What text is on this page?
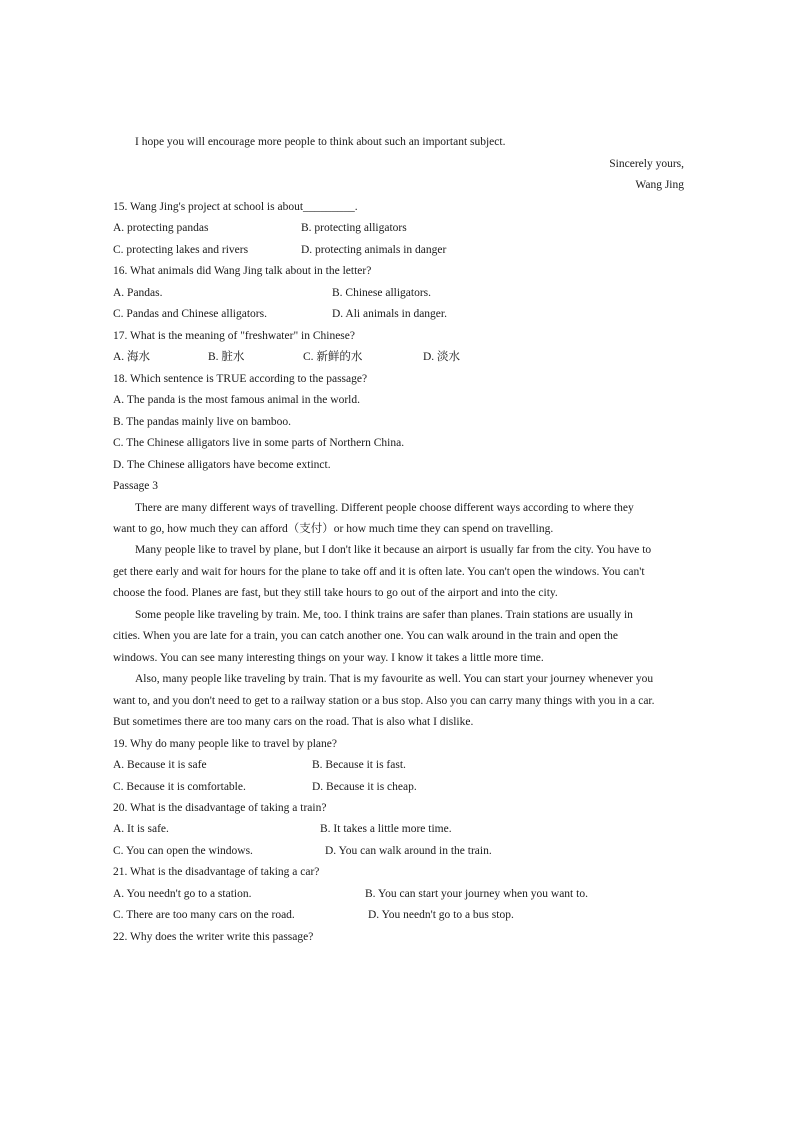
I hope you will encourage more people to think about such an important subject.
Sincerely yours,
Wang Jing
15. Wang Jing's project at school is about_________.
A. protecting pandas	B. protecting alligators
C. protecting lakes and rivers	D. protecting animals in danger
16. What animals did Wang Jing talk about in the letter?
A. Pandas.	B. Chinese alligators.
C. Pandas and Chinese alligators.	D. Ali animals in danger.
17. What is the meaning of "freshwater" in Chinese?
A. 海水	B. 脏水	C. 新鲜的水	D. 淡水
18. Which sentence is TRUE according to the passage?
A. The panda is the most famous animal in the world.
B. The pandas mainly live on bamboo.
C. The Chinese alligators live in some parts of Northern China.
D. The Chinese alligators have become extinct.
Passage 3
There are many different ways of travelling. Different people choose different ways according to where they
want to go, how much they can afford（支付）or how much time they can spend on travelling.
Many people like to travel by plane, but I don't like it because an airport is usually far from the city. You have to
get there early and wait for hours for the plane to take off and it is often late. You can't open the windows. You can't
choose the food. Planes are fast, but they still take hours to go out of the airport and into the city.
Some people like traveling by train. Me, too. I think trains are safer than planes. Train stations are usually in
cities. When you are late for a train, you can catch another one. You can walk around in the train and open the
windows. You can see many interesting things on your way. I know it takes a little more time.
Also, many people like traveling by train. That is my favourite as well. You can start your journey whenever you
want to, and you don't need to get to a railway station or a bus stop. Also you can carry many things with you in a car.
But sometimes there are too many cars on the road. That is also what I dislike.
19. Why do many people like to travel by plane?
A. Because it is safe	B. Because it is fast.
C. Because it is comfortable.	D. Because it is cheap.
20. What is the disadvantage of taking a train?
A. It is safe.	B. It takes a little more time.
C. You can open the windows.	D. You can walk around in the train.
21. What is the disadvantage of taking a car?
A. You needn't go to a station.	B. You can start your journey when you want to.
C. There are too many cars on the road.	D. You needn't go to a bus stop.
22. Why does the writer write this passage?
